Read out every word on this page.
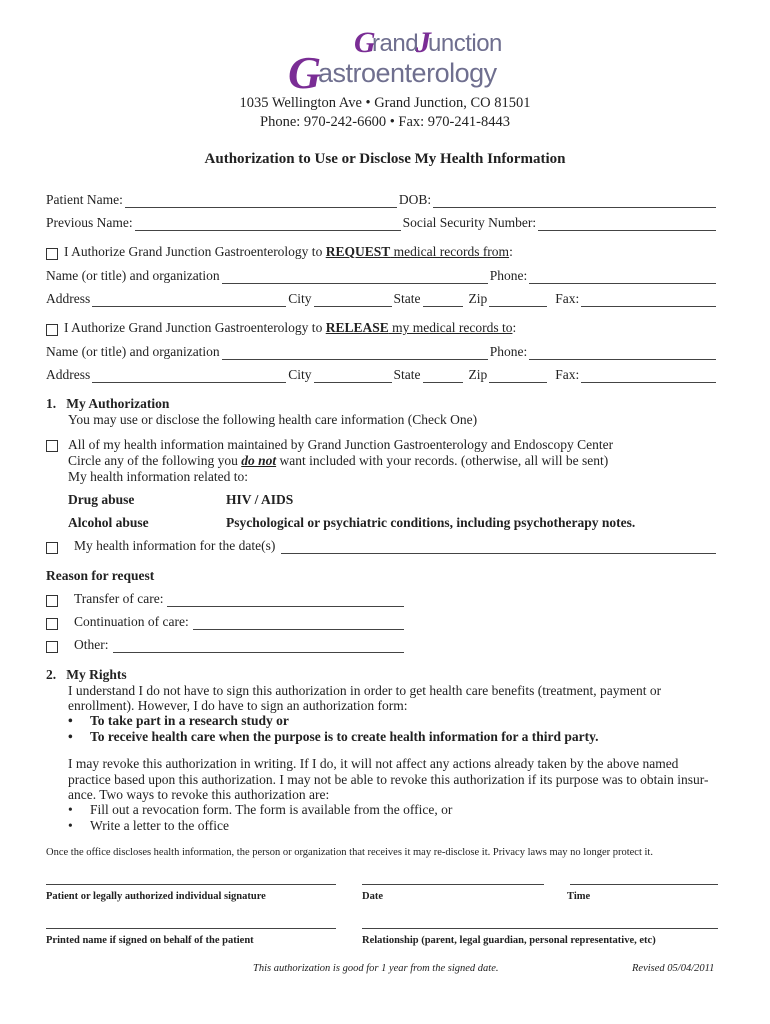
G
rand
J
unction
G
astroenterology
1035 Wellington Ave • Grand Junction, CO 81501
Phone: 970-242-6600 • Fax: 970-241-8443
Authorization to Use or Disclose My Health Information
Patient Name:	DOB:
Previous Name:	Social Security Number:
I Authorize Grand Junction Gastroenterology to REQUEST medical records from :
Name (or title) and organization	Phone:
Address	City	State	Zip	Fax:
I Authorize Grand Junction Gastroenterology to RELEASE my medical records to :
Name (or title) and organization	Phone:
Address	City	State	Zip	Fax:
1.   My Authorization
You may use or disclose the following health care information (Check One)
All of my health information maintained by Grand Junction Gastroenterology and Endoscopy Center
Circle any of the following you do not want included with your records. (otherwise, all will be sent)
My health information related to:
Drug abuse	HIV / AIDS
Alcohol abuse	Psychological or psychiatric conditions, including psychotherapy notes.
My health information for the date(s)
Reason for request
Transfer of care:
Continuation of care:
Other:
2.   My Rights
I understand I do not have to sign this authorization in order to get health care benefits (treatment, payment or
enrollment). However, I do have to sign an authorization form:
• To take part in a research study or
• To receive health care when the purpose is to create health information for a third party.
I may revoke this authorization in writing. If I do, it will not affect any actions already taken by the above named
practice based upon this authorization. I may not be able to revoke this authorization if its purpose was to obtain insur-
ance. Two ways to revoke this authorization are:
• Fill out a revocation form. The form is available from the office, or
• Write a letter to the office
Once the office discloses health information, the person or organization that receives it may re-disclose it. Privacy laws may no longer protect it.
Patient or legally authorized individual signature	Date	Time
Printed name if signed on behalf of the patient	Relationship (parent, legal guardian, personal representative, etc)
This authorization is good for 1 year from the signed date.	Revised 05/04/2011
